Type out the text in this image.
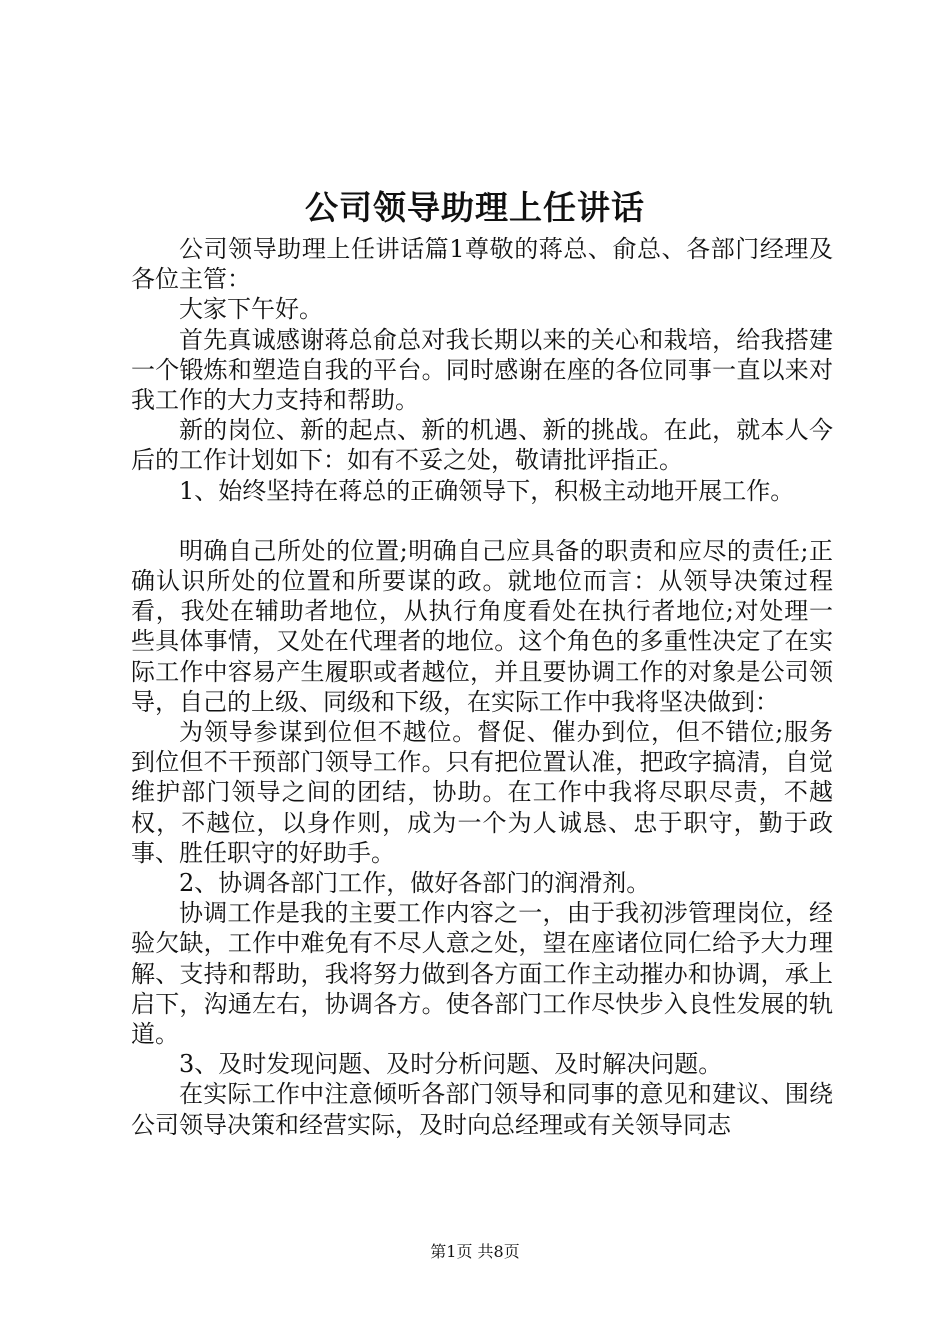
公司领导助理上任讲话

公司领导助理上任讲话篇1尊敬的蒋总、俞总、各部门经理及各位主管：

大家下午好。

首先真诚感谢蒋总俞总对我长期以来的关心和栽培，给我搭建一个锻炼和塑造自我的平台。同时感谢在座的各位同事一直以来对我工作的大力支持和帮助。

新的岗位、新的起点、新的机遇、新的挑战。在此，就本人今后的工作计划如下：如有不妥之处，敬请批评指正。

1、始终坚持在蒋总的正确领导下，积极主动地开展工作。

明确自己所处的位置;明确自己应具备的职责和应尽的责任;正确认识所处的位置和所要谋的政。就地位而言：从领导决策过程看，我处在辅助者地位，从执行角度看处在执行者地位;对处理一些具体事情，又处在代理者的地位。这个角色的多重性决定了在实际工作中容易产生履职或者越位，并且要协调工作的对象是公司领导，自己的上级、同级和下级，在实际工作中我将坚决做到：

为领导参谋到位但不越位。督促、催办到位，但不错位;服务到位但不干预部门领导工作。只有把位置认准，把政字搞清，自觉维护部门领导之间的团结，协助。在工作中我将尽职尽责，不越权，不越位，以身作则，成为一个为人诚恳、忠于职守，勤于政事、胜任职守的好助手。

2、协调各部门工作，做好各部门的润滑剂。

协调工作是我的主要工作内容之一，由于我初涉管理岗位，经验欠缺，工作中难免有不尽人意之处，望在座诸位同仁给予大力理解、支持和帮助，我将努力做到各方面工作主动摧办和协调，承上启下，沟通左右，协调各方。使各部门工作尽快步入良性发展的轨道。

3、及时发现问题、及时分析问题、及时解决问题。

在实际工作中注意倾听各部门领导和同事的意见和建议、围绕公司领导决策和经营实际，及时向总经理或有关领导同志

第1页 共8页
